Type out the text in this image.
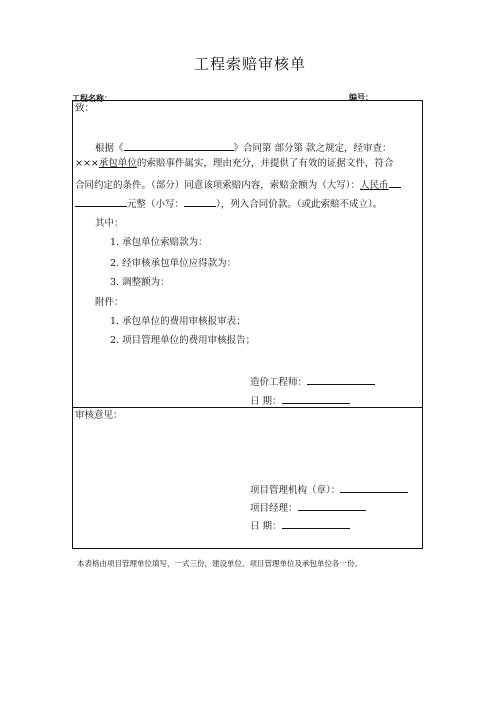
工程索赔审核单
工程名称：	编号：
致：
根据《	》合同第 部分第 款之规定，经审查：
×××承包单位的索赔事件属实，理由充分，并提供了有效的证据文件，符合
合同约定的条件。（部分）同意该项索赔内容，索赔金额为（大写）：人民币
元整（小写：	），列入合同价款。（或此索赔不成立）。
其中：
1. 承包单位索赔款为：
2. 经审核承包单位应得款为：
3. 调整额为：
附件：
1. 承包单位的费用审核报审表；
2. 项目管理单位的费用审核报告；
造价工程师：
日 期：
审核意见：
项目管理机构（章）：
项目经理：
日 期：
本表格由项目管理单位填写，一式三份，建设单位、项目管理单位及承包单位各一份。
